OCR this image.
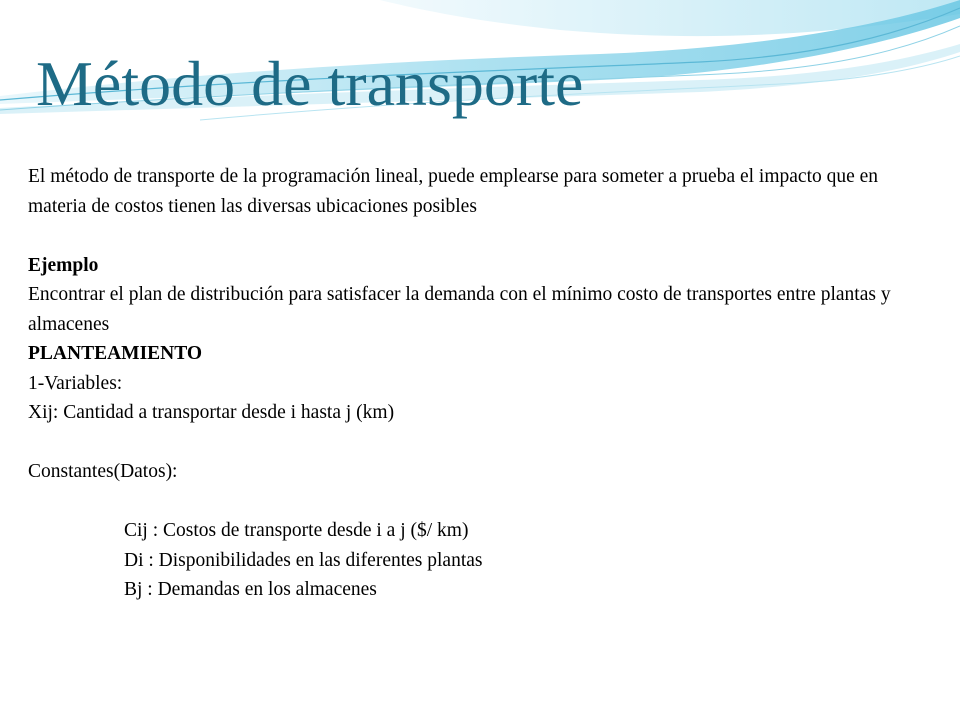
Método de transporte

El método de transporte de la programación lineal, puede emplearse para someter a prueba el impacto que en materia de costos tienen las diversas ubicaciones posibles

Ejemplo

Encontrar el plan de distribución para satisfacer la demanda con el mínimo costo de transportes entre plantas y almacenes

PLANTEAMIENTO

1-Variables:

Xij: Cantidad a transportar desde i hasta j (km)

Constantes(Datos):

Cij : Costos de transporte desde i a j ($/ km)

Di : Disponibilidades en las diferentes plantas

Bj : Demandas en los almacenes
